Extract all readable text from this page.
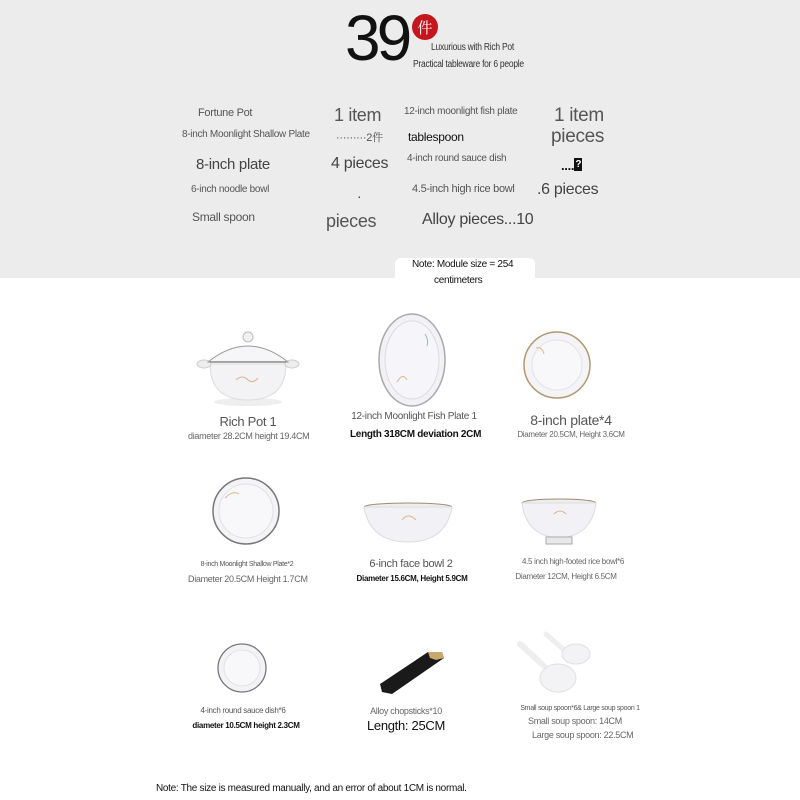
39 件
Luxurious with Rich Pot
Practical tableware for 6 people
Fortune Pot
8-inch Moonlight Shallow Plate
8-inch plate
6-inch noodle bowl
Small spoon
1 item
·········2件
4 pieces
·
pieces
12-inch moonlight fish plate
tablespoon
4-inch round sauce dish
4.5-inch high rice bowl
Alloy pieces...10
1 item
pieces
....?
.6 pieces
Note: Module size = 254
centimeters
Rich Pot 1
diameter 28.2CM height 19.4CM
12-inch Moonlight Fish Plate 1
Length 318CM deviation 2CM
8-inch plate*4
Diameter 20.5CM, Height 3.6CM
8-inch Moonlight Shallow Plate*2
Diameter 20.5CM Height 1.7CM
6-inch face bowl 2
Diameter 15.6CM, Height 5.9CM
4.5 inch high-footed rice bowl*6
Diameter 12CM, Height 6.5CM
4-inch round sauce dish*6
diameter 10.5CM height 2.3CM
Alloy chopsticks*10
Length: 25CM
Small soup spoon*6& Large soup spoon 1
Small soup spoon: 14CM
Large soup spoon: 22.5CM
Note: The size is measured manually, and an error of about 1CM is normal.
